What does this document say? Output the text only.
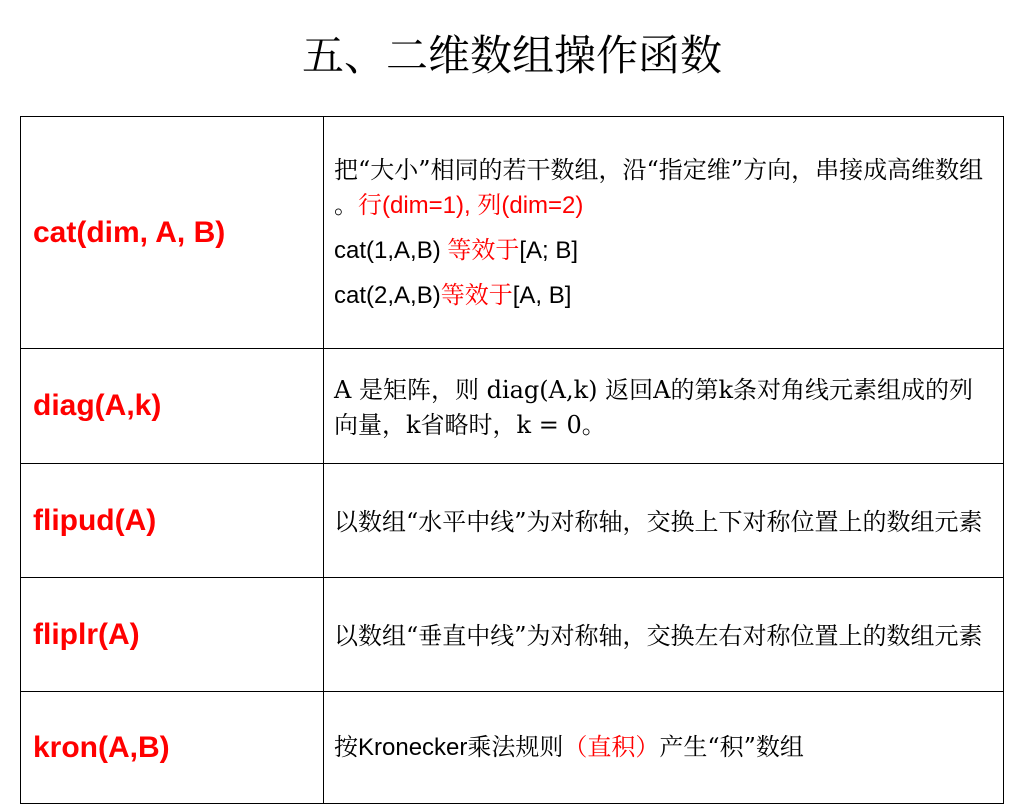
五、二维数组操作函数
cat(dim, A, B)	把“大小”相同的若干数组，沿“指定维”方向，串接成高维数组 。行(dim=1), 列(dim=2)

cat(1,A,B) 等效于[A; B]

cat(2,A,B)等效于[A, B]

diag(A,k)	A 是矩阵，则 diag(A,k) 返回A的第k条对角线元素组成的列向量，k省略时，k = 0。
flipud(A)	以数组“水平中线”为对称轴，交换上下对称位置上的数组元素
fliplr(A)	以数组“垂直中线”为对称轴，交换左右对称位置上的数组元素
kron(A,B)	按Kronecker乘法规则（直积）产生“积”数组
